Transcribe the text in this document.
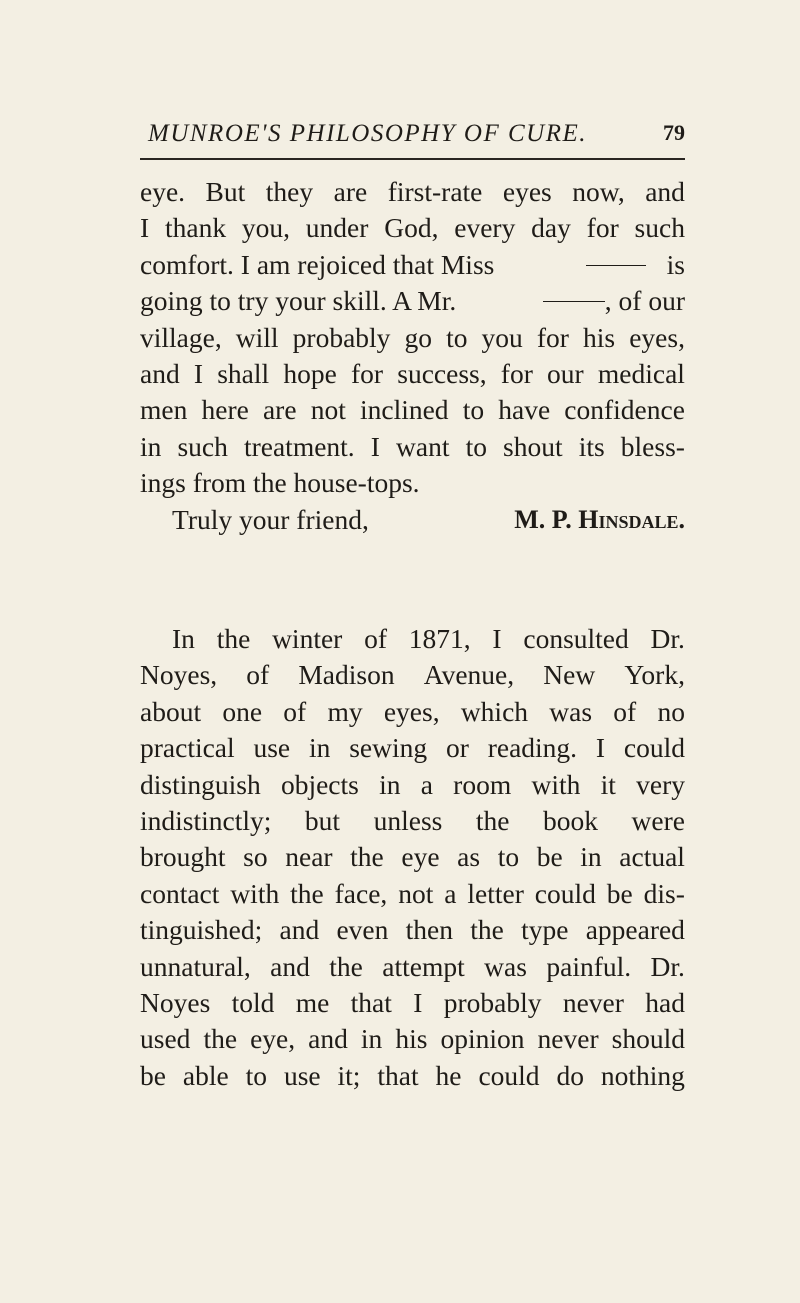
MUNROE'S PHILOSOPHY OF CURE.	79
eye. But they are first-rate eyes now, and
I thank you, under God, every day for such
comfort. I am rejoiced that Miss	is
going to try your skill. A Mr.	, of our
village, will probably go to you for his eyes,
and I shall hope for success, for our medical
men here are not inclined to have confidence
in such treatment. I want to shout its bless-
ings from the house-tops.
Truly your friend,	M. P. Hinsdale.
In the winter of 1871, I consulted Dr.
Noyes, of Madison Avenue, New York,
about one of my eyes, which was of no
practical use in sewing or reading. I could
distinguish objects in a room with it very
indistinctly; but unless the book were
brought so near the eye as to be in actual
contact with the face, not a letter could be dis-
tinguished; and even then the type appeared
unnatural, and the attempt was painful. Dr.
Noyes told me that I probably never had
used the eye, and in his opinion never should
be able to use it; that he could do nothing
